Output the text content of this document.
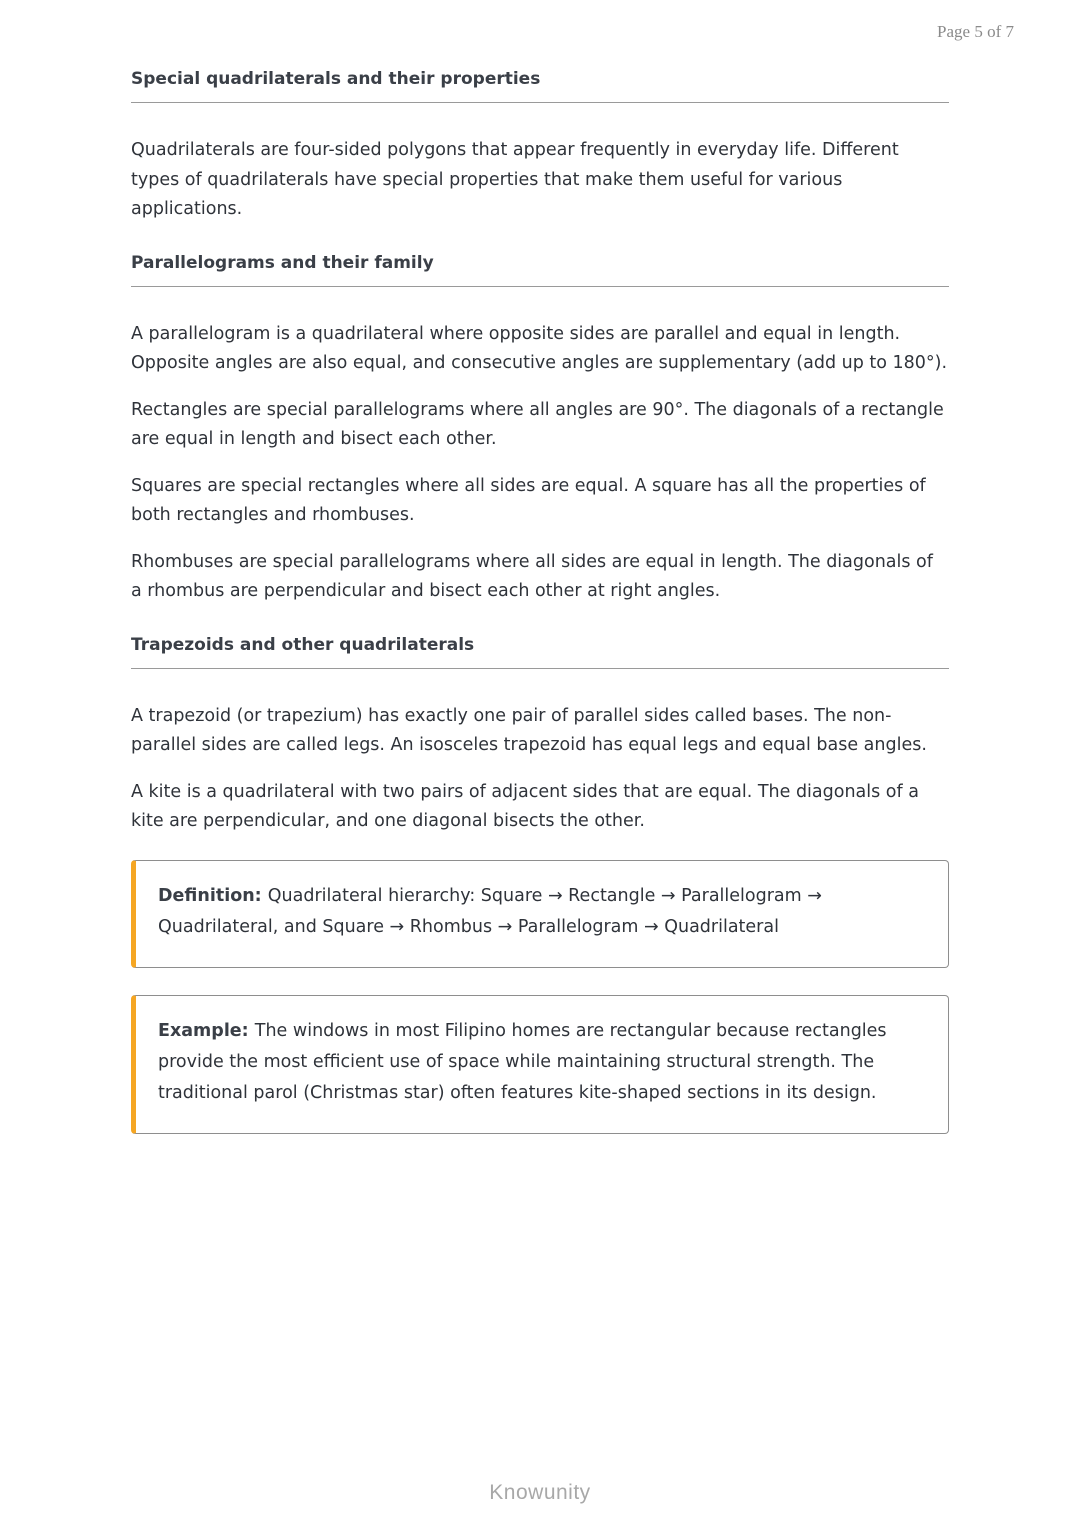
Page 5 of 7
Special quadrilaterals and their properties

Quadrilaterals are four-sided polygons that appear frequently in everyday life. Different types of quadrilaterals have special properties that make them useful for various applications.

Parallelograms and their family

A parallelogram is a quadrilateral where opposite sides are parallel and equal in length. Opposite angles are also equal, and consecutive angles are supplementary (add up to 180°).

Rectangles are special parallelograms where all angles are 90°. The diagonals of a rectangle are equal in length and bisect each other.

Squares are special rectangles where all sides are equal. A square has all the properties of both rectangles and rhombuses.

Rhombuses are special parallelograms where all sides are equal in length. The diagonals of a rhombus are perpendicular and bisect each other at right angles.

Trapezoids and other quadrilaterals

A trapezoid (or trapezium) has exactly one pair of parallel sides called bases. The non-parallel sides are called legs. An isosceles trapezoid has equal legs and equal base angles.

A kite is a quadrilateral with two pairs of adjacent sides that are equal. The diagonals of a kite are perpendicular, and one diagonal bisects the other.

Definition: Quadrilateral hierarchy: Square → Rectangle → Parallelogram → Quadrilateral, and Square → Rhombus → Parallelogram → Quadrilateral
Example: The windows in most Filipino homes are rectangular because rectangles provide the most efficient use of space while maintaining structural strength. The traditional parol (Christmas star) often features kite-shaped sections in its design.
Knowunity
